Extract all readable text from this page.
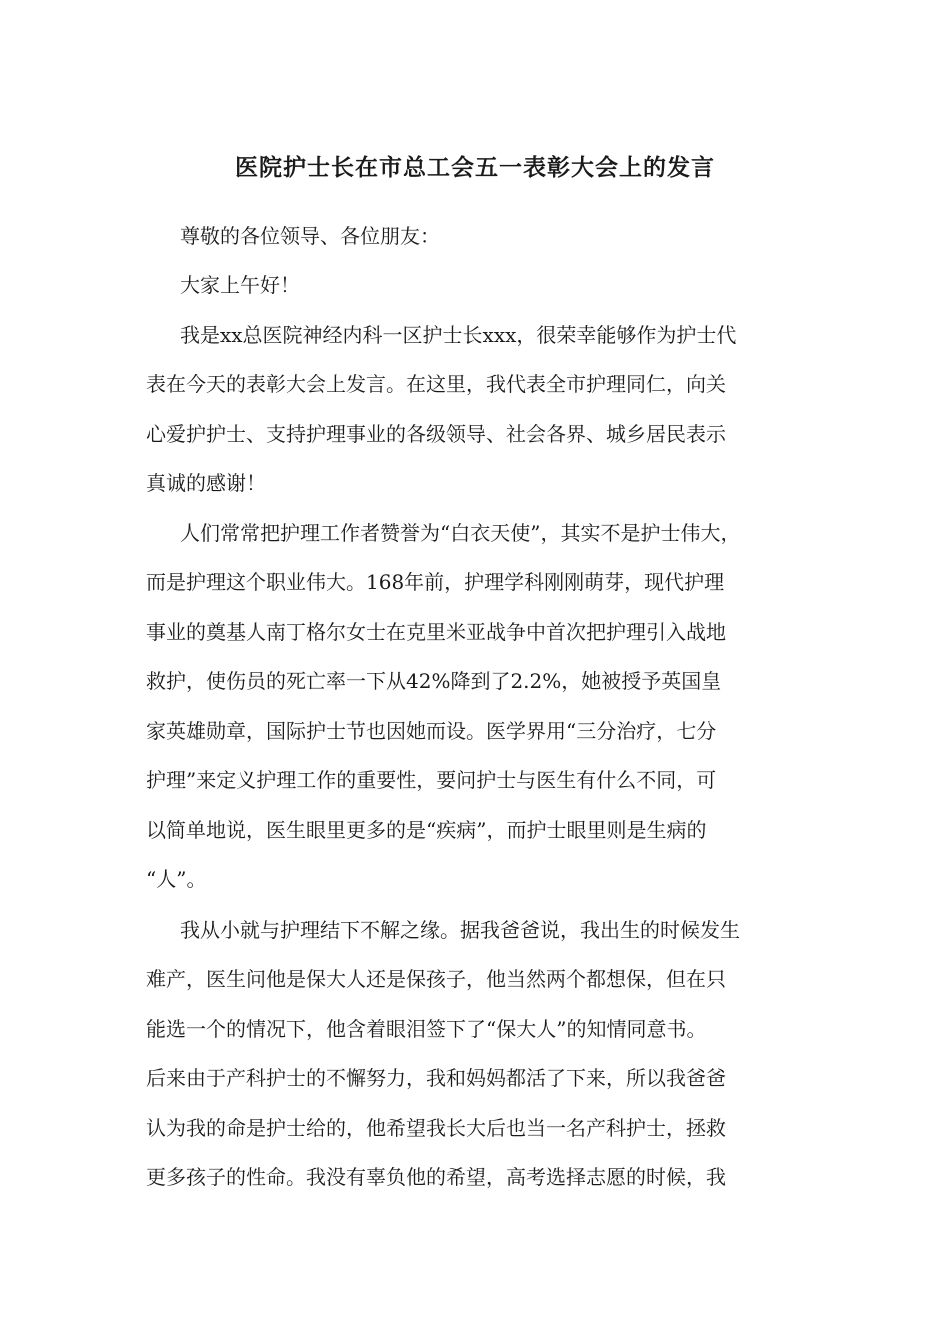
医院护士长在市总工会五一表彰大会上的发言
尊敬的各位领导、各位朋友：
大家上午好！
我是xx总医院神经内科一区护士长xxx，很荣幸能够作为护士代
表在今天的表彰大会上发言。在这里，我代表全市护理同仁，向关
心爱护护士、支持护理事业的各级领导、社会各界、城乡居民表示
真诚的感谢！
人们常常把护理工作者赞誉为“白衣天使”，其实不是护士伟大，
而是护理这个职业伟大。168年前，护理学科刚刚萌芽，现代护理
事业的奠基人南丁格尔女士在克里米亚战争中首次把护理引入战地
救护，使伤员的死亡率一下从42%降到了2.2%，她被授予英国皇
家英雄勋章，国际护士节也因她而设。医学界用“三分治疗，七分
护理”来定义护理工作的重要性，要问护士与医生有什么不同，可
以简单地说，医生眼里更多的是“疾病”，而护士眼里则是生病的
“人”。
我从小就与护理结下不解之缘。据我爸爸说，我出生的时候发生
难产，医生问他是保大人还是保孩子，他当然两个都想保，但在只
能选一个的情况下，他含着眼泪签下了“保大人”的知情同意书。
后来由于产科护士的不懈努力，我和妈妈都活了下来，所以我爸爸
认为我的命是护士给的，他希望我长大后也当一名产科护士，拯救
更多孩子的性命。我没有辜负他的希望，高考选择志愿的时候，我
